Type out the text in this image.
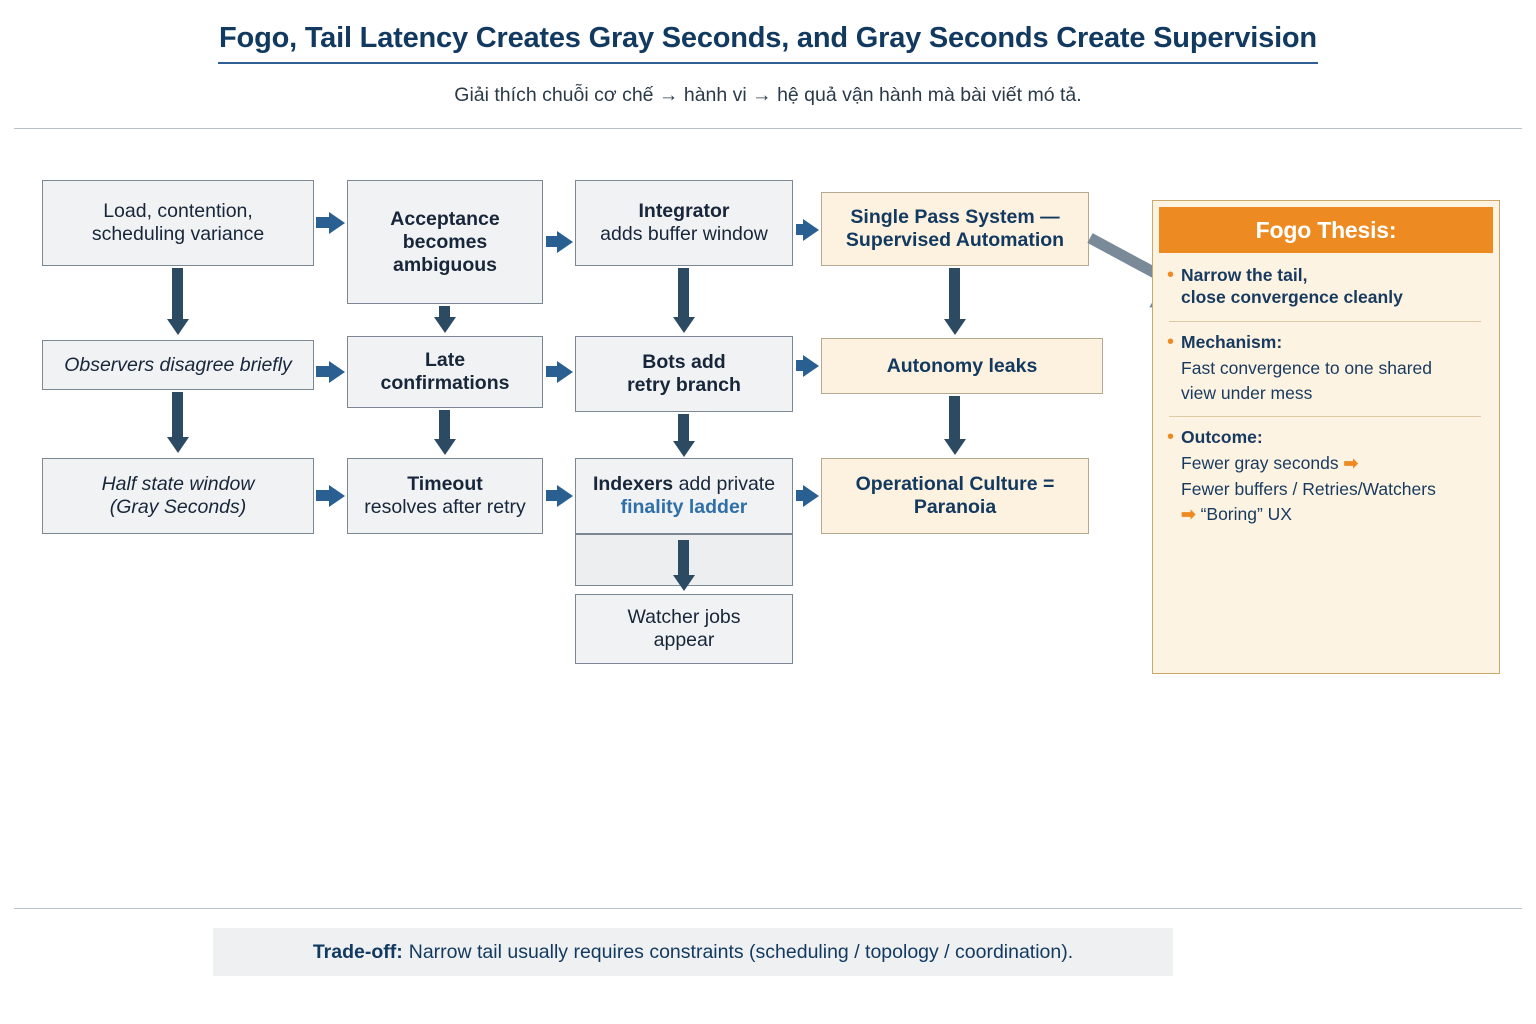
Fogo, Tail Latency Creates Gray Seconds, and Gray Seconds Create Supervision
Giải thích chuỗi cơ chế → hành vi → hệ quả vận hành mà bài viết mó tả.
Load, contention,
scheduling variance
Acceptance
becomes
ambiguous
Integrator
adds buffer window
Single Pass System —
Supervised Automation
Observers disagree briefly	Late
confirmations
Bots add
retry branch
Autonomy leaks
Half state window
(Gray Seconds)
Timeout
resolves after retry
Indexers add private
finality ladder
Operational Culture =
Paranoia
Watcher jobs
appear
Fogo Thesis:
• Narrow the tail,
close convergence cleanly
• Mechanism:
Fast convergence to one shared
view under mess
• Outcome:
Fewer gray seconds ➡
Fewer buffers / Retries/Watchers
➡ “Boring” UX
Trade-off: Narrow tail usually requires constraints (scheduling / topology / coordination).
